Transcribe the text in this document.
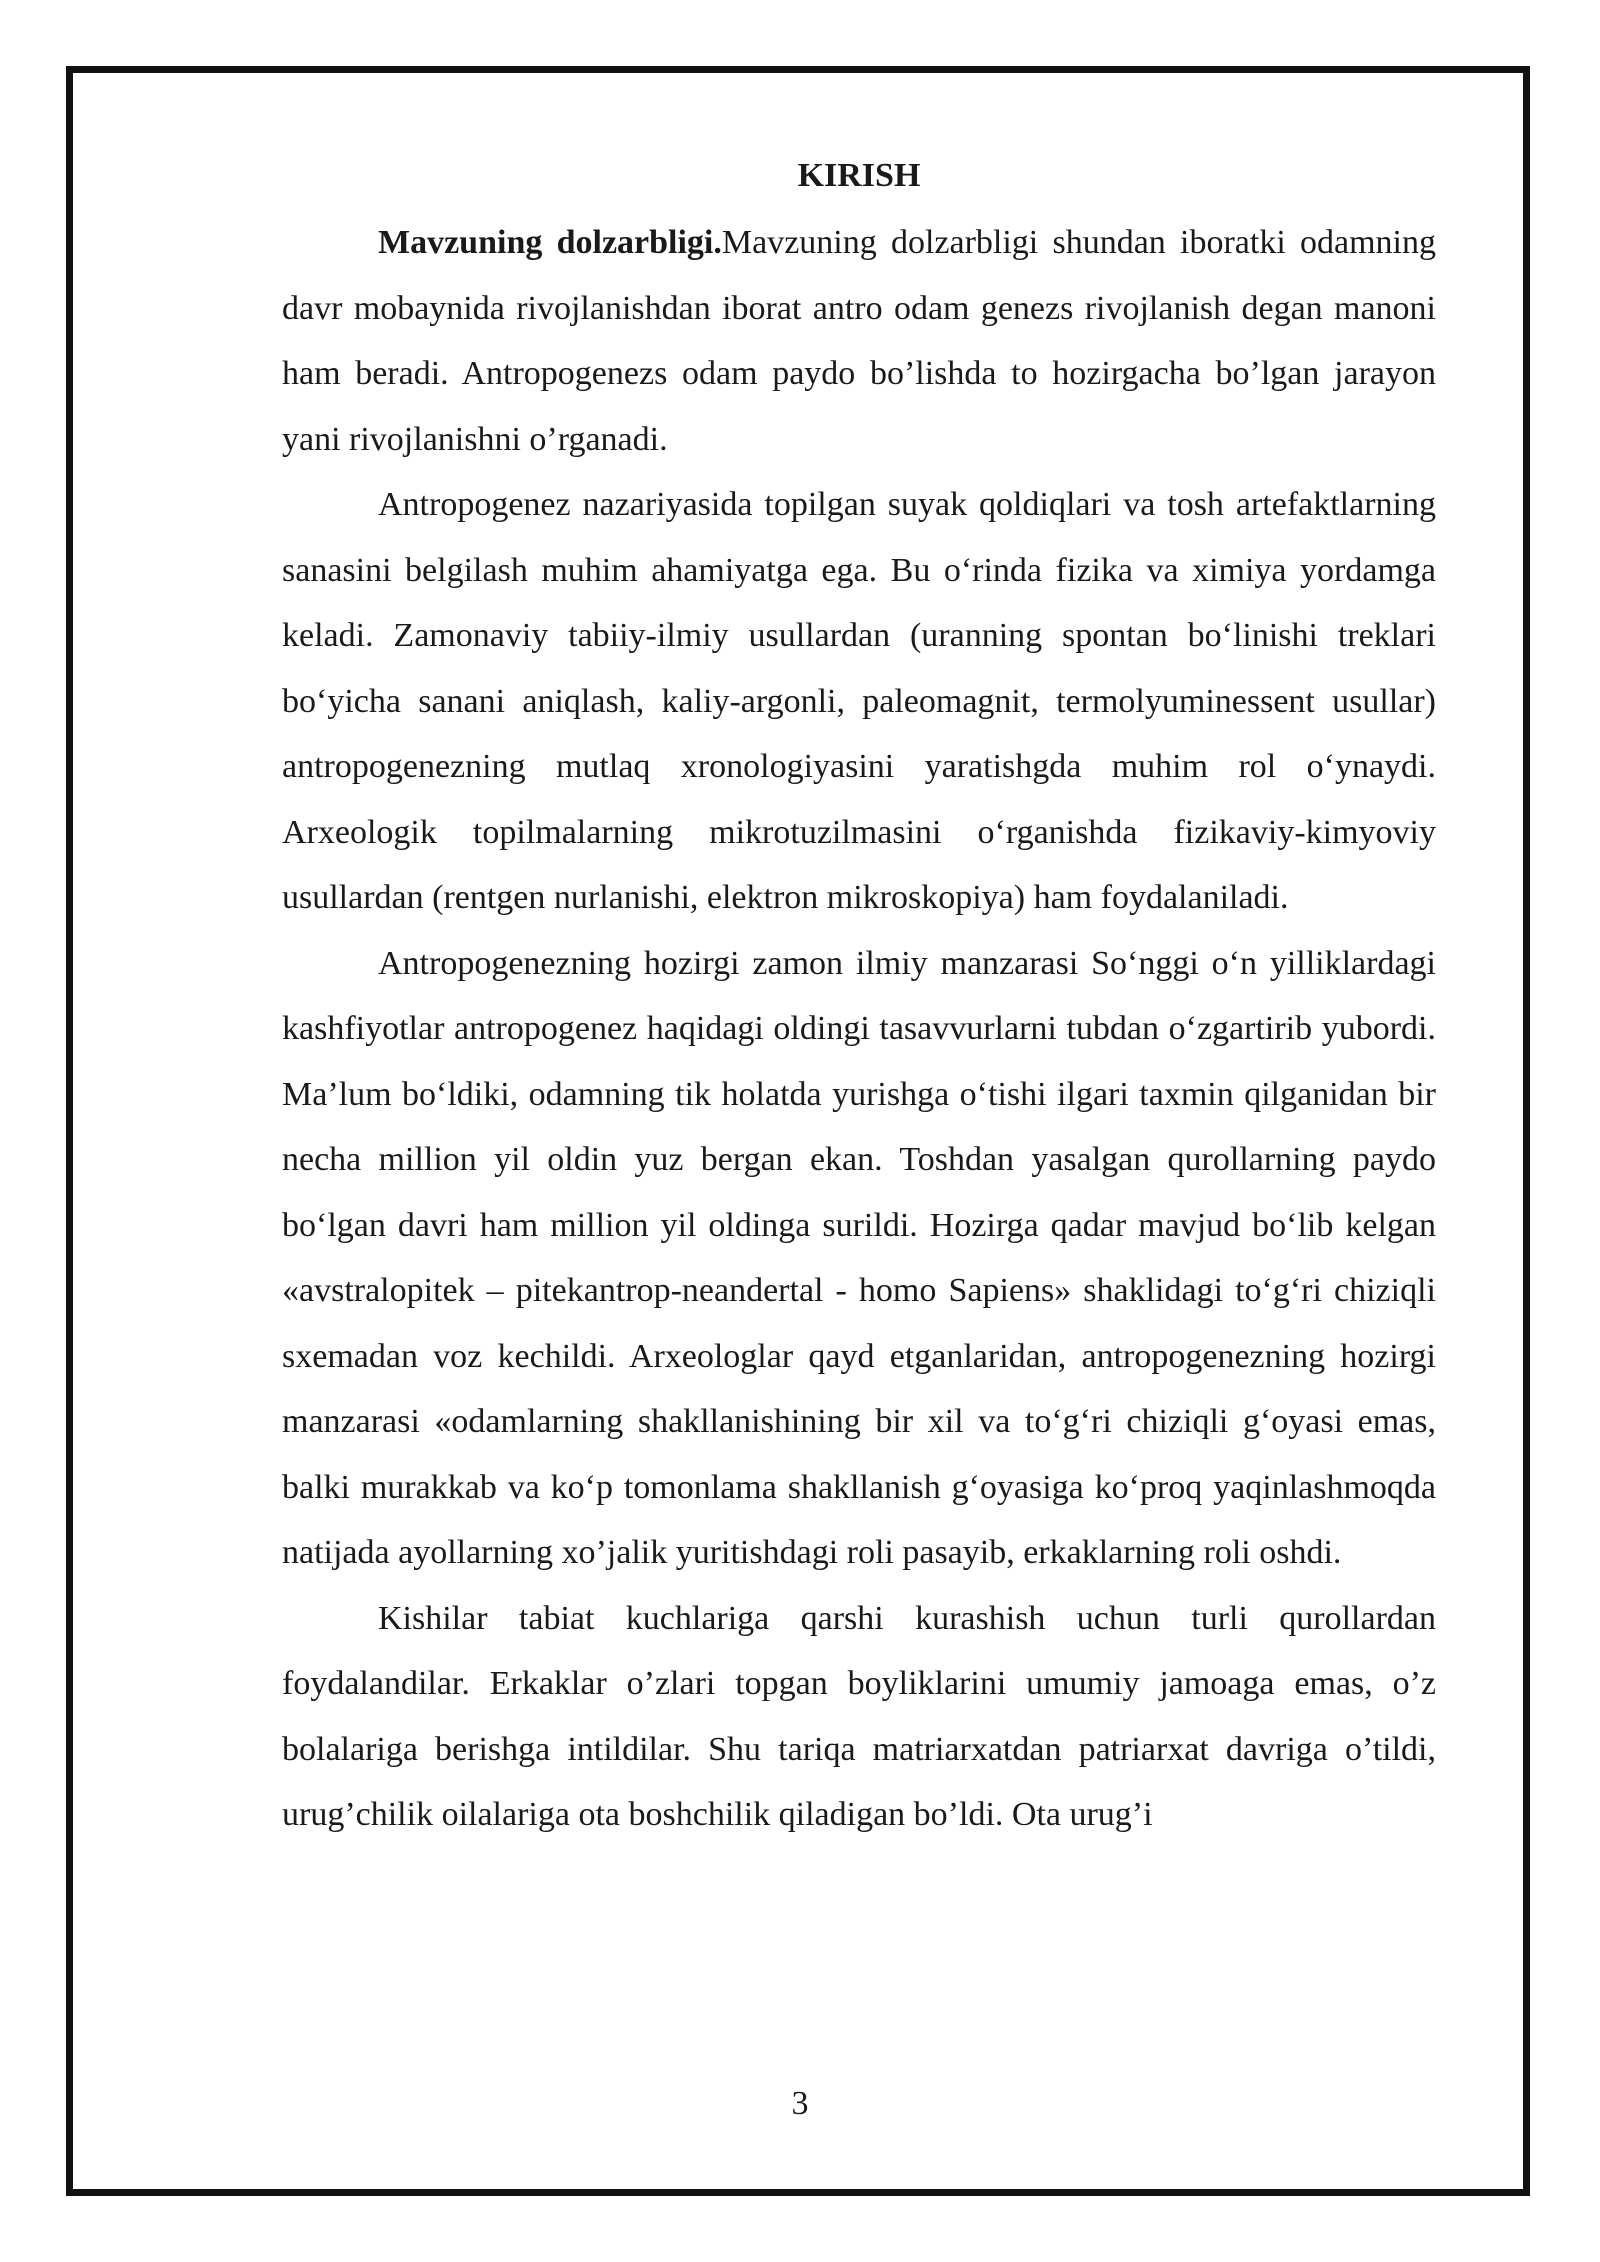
KIRISH

Mavzuning dolzarbligi.Mavzuning dolzarbligi shundan iboratki odamning davr mobaynida rivojlanishdan iborat antro odam genezs rivojlanish degan manoni ham beradi. Antropogenezs odam paydo bo’lishda to hozirgacha bo’lgan jarayon yani rivojlanishni o’rganadi.

Antropogenez nazariyasida topilgan suyak qoldiqlari va tosh artefaktlarning sanasini belgilash muhim ahamiyatga ega. Bu oʻrinda fizika va ximiya yordamga keladi. Zamonaviy tabiiy-ilmiy usullardan (uranning spontan boʻlinishi treklari boʻyicha sanani aniqlash, kaliy-argonli, paleomagnit, termolyuminessent usullar) antropogenezning mutlaq xronologiyasini yaratishgda muhim rol oʻynaydi. Arxeologik topilmalarning mikrotuzilmasini oʻrganishda fizikaviy-kimyoviy usullardan (rentgen nurlanishi, elektron mikroskopiya) ham foydalaniladi.

Antropogenezning hozirgi zamon ilmiy manzarasi Soʻnggi oʻn yilliklardagi kashfiyotlar antropogenez haqidagi oldingi tasavvurlarni tubdan oʻzgartirib yubordi. Ma’lum boʻldiki, odamning tik holatda yurishga oʻtishi ilgari taxmin qilganidan bir necha million yil oldin yuz bergan ekan. Toshdan yasalgan qurollarning paydo boʻlgan davri ham million yil oldinga surildi. Hozirga qadar mavjud boʻlib kelgan «avstralopitek – pitekantrop-neandertal - homo Sapiens» shaklidagi toʻgʻri chiziqli sxemadan voz kechildi. Arxeologlar qayd etganlaridan, antropogenezning hozirgi manzarasi «odamlarning shakllanishining bir xil va toʻgʻri chiziqli gʻoyasi emas, balki murakkab va koʻp tomonlama shakllanish gʻoyasiga koʻproq yaqinlashmoqda natijada ayollarning xo’jalik yuritishdagi roli pasayib, erkaklarning roli oshdi.

Kishilar tabiat kuchlariga qarshi kurashish uchun turli qurollardan foydalandilar. Erkaklar o’zlari topgan boyliklarini umumiy jamoaga emas, o’z bolalariga berishga intildilar. Shu tariqa matriarxatdan patriarxat davriga o’tildi, urug’chilik oilalariga ota boshchilik qiladigan bo’ldi. Ota urug’i

3
